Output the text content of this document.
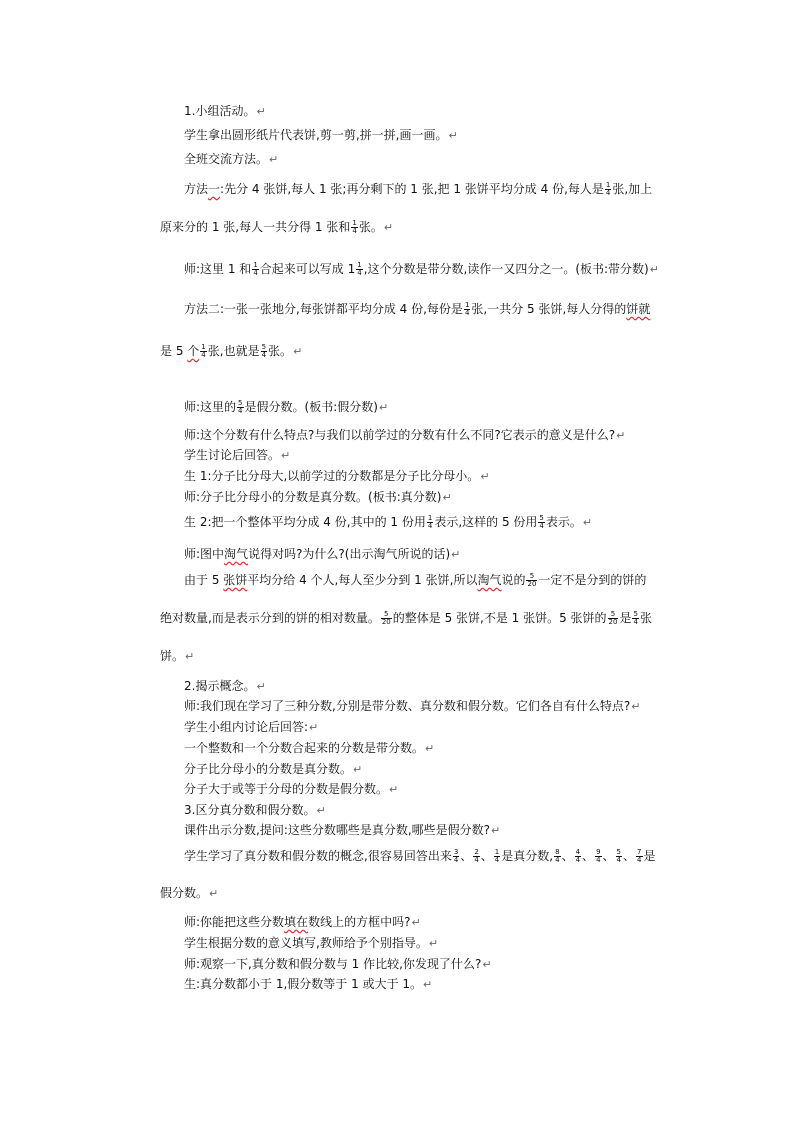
1.小组活动。↵
学生拿出圆形纸片代表饼,剪一剪,拼一拼,画一画。↵
全班交流方法。↵
方法一:先分 4 张饼,每人 1 张;再分剩下的 1 张,把 1 张饼平均分成 4 份,每人是 $\frac{1}{4}$ 张,加上
原来分的 1 张,每人一共分得 1 张和 $\frac{1}{4}$ 张。↵
师:这里 1 和 $\frac{1}{4}$ 合起来可以写成 $1 \frac{1}{4}$ ,这个分数是带分数,读作一又四分之一。(板书:带分数)↵
方法二:一张一张地分,每张饼都平均分成 4 份,每份是 $\frac{1}{4}$ 张,一共分 5 张饼,每人分得的饼就
是 5 个 $\frac{1}{4}$ 张,也就是 $\frac{5}{4}$ 张。↵
师:这里的 $\frac{5}{4}$ 是假分数。(板书:假分数)↵
师:这个分数有什么特点?与我们以前学过的分数有什么不同?它表示的意义是什么?↵
学生讨论后回答。↵
生 1:分子比分母大,以前学过的分数都是分子比分母小。↵
师:分子比分母小的分数是真分数。(板书:真分数)↵
生 2:把一个整体平均分成 4 份,其中的 1 份用 $\frac{1}{4}$ 表示,这样的 5 份用 $\frac{5}{4}$ 表示。↵
师:图中淘气说得对吗?为什么?(出示淘气所说的话)↵
由于 5 张饼平均分给 4 个人,每人至少分到 1 张饼,所以淘气说的 $\frac{5}{20}$ 一定不是分到的饼的
绝对数量,而是表示分到的饼的相对数量。 $\frac{5}{20}$ 的整体是 5 张饼,不是 1 张饼。5 张饼的 $\frac{5}{20}$ 是 $\frac{5}{4}$ 张
饼。↵
2.揭示概念。↵
师:我们现在学习了三种分数,分别是带分数、真分数和假分数。它们各自有什么特点?↵
学生小组内讨论后回答:↵
一个整数和一个分数合起来的分数是带分数。↵
分子比分母小的分数是真分数。↵
分子大于或等于分母的分数是假分数。↵
3.区分真分数和假分数。↵
课件出示分数,提问:这些分数哪些是真分数,哪些是假分数?↵
学生学习了真分数和假分数的概念,很容易回答出来 $\frac{3}{4}$ 、 $\frac{2}{4}$ 、 $\frac{1}{4}$ 是真分数, $\frac{8}{4}$ 、 $\frac{4}{4}$ 、 $\frac{9}{4}$ 、 $\frac{5}{4}$ 、 $\frac{7}{4}$ 是
假分数。↵
师:你能把这些分数填在数线上的方框中吗?↵
学生根据分数的意义填写,教师给予个别指导。↵
师:观察一下,真分数和假分数与 1 作比较,你发现了什么?↵
生:真分数都小于 1,假分数等于 1 或大于 1。↵
